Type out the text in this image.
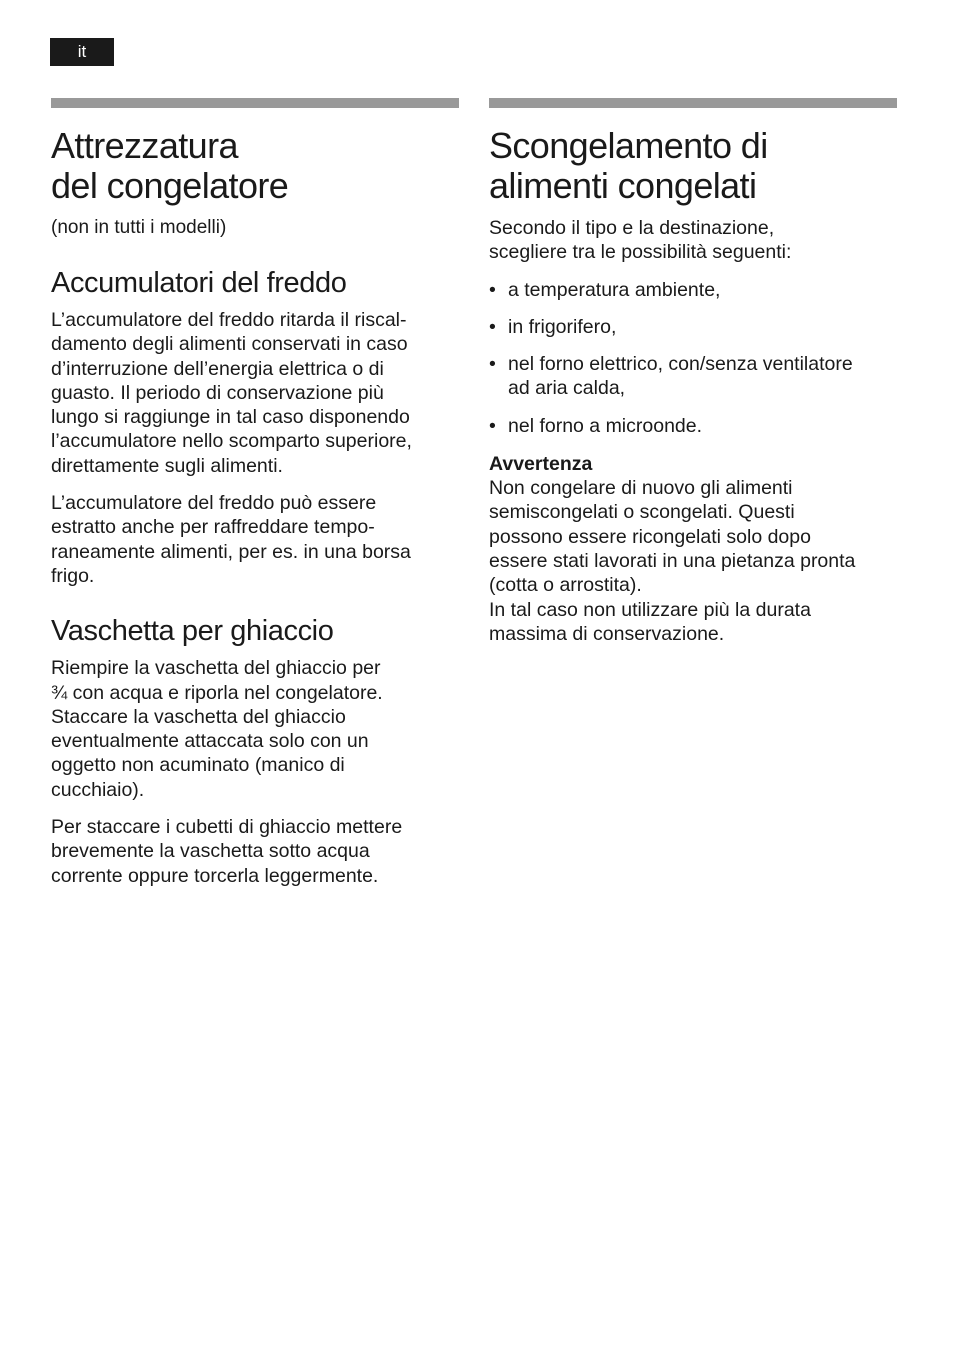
it
Attrezzatura
del congelatore
(non in tutti i modelli)
Accumulatori del freddo

L’accumulatore del freddo ritarda il riscal-
damento degli alimenti conservati in caso
d’interruzione dell’energia elettrica o di
guasto. Il periodo di conservazione più
lungo si raggiunge in tal caso disponendo
l’accumulatore nello scomparto superiore,
direttamente sugli alimenti.

L’accumulatore del freddo può essere
estratto anche per raffreddare tempo-
raneamente alimenti, per es. in una borsa
frigo.

Vaschetta per ghiaccio

Riempire la vaschetta del ghiaccio per
¾ con acqua e riporla nel congelatore.
Staccare la vaschetta del ghiaccio
eventualmente attaccata solo con un
oggetto non acuminato (manico di
cucchiaio).

Per staccare i cubetti di ghiaccio mettere
brevemente la vaschetta sotto acqua
corrente oppure torcerla leggermente.

Scongelamento di
alimenti congelati

Secondo il tipo e la destinazione,
scegliere tra le possibilità seguenti:

• a temperatura ambiente,
• in frigorifero,
• nel forno elettrico, con/senza ventilatore
ad aria calda,
• nel forno a microonde.
Avvertenza

Non congelare di nuovo gli alimenti
semiscongelati o scongelati. Questi
possono essere ricongelati solo dopo
essere stati lavorati in una pietanza pronta
(cotta o arrostita).
In tal caso non utilizzare più la durata
massima di conservazione.
